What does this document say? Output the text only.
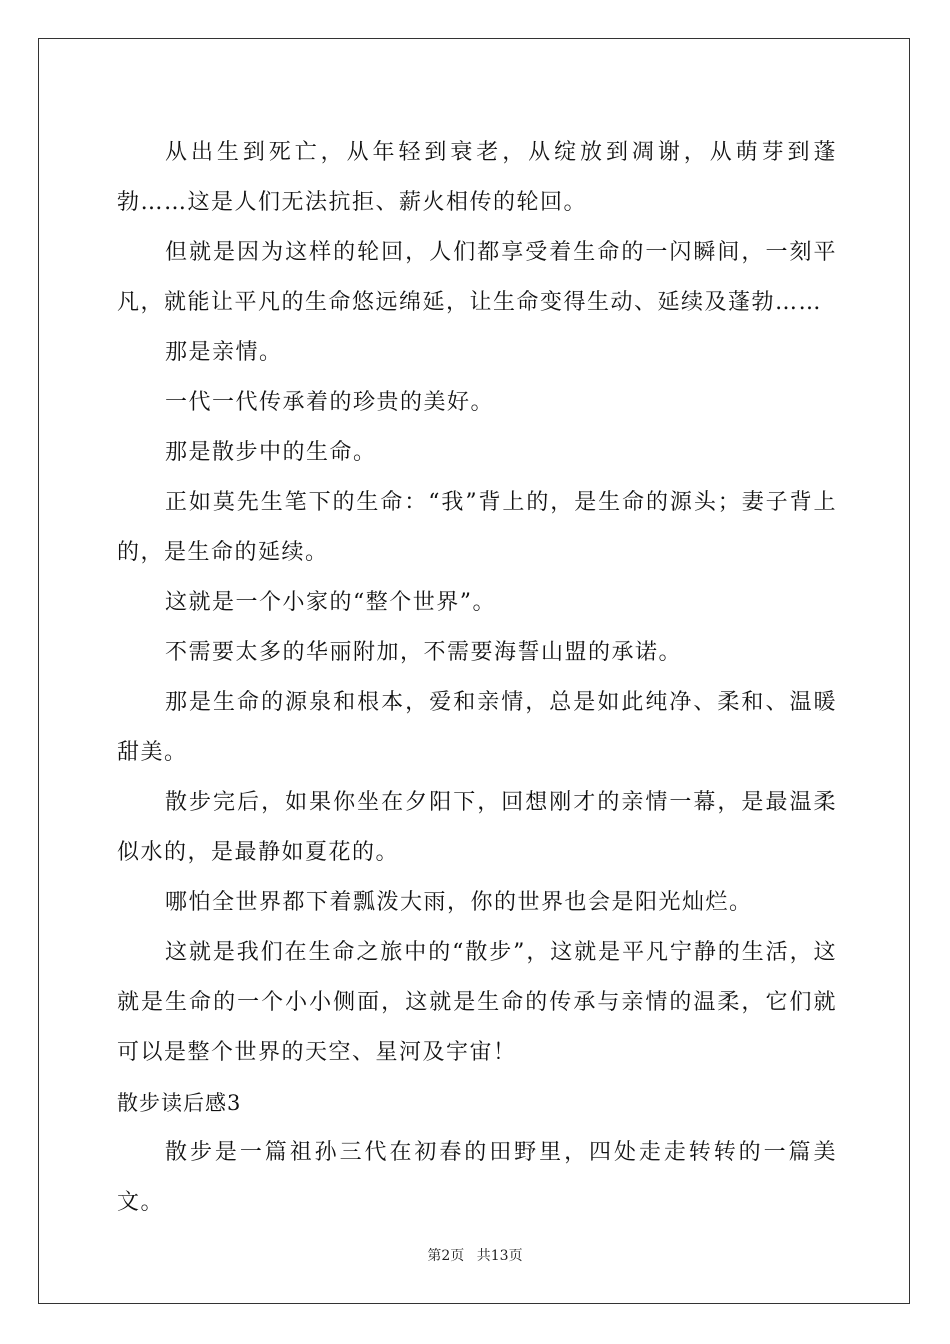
从出生到死亡，从年轻到衰老，从绽放到凋谢，从萌芽到蓬勃……这是人们无法抗拒、薪火相传的轮回。

但就是因为这样的轮回，人们都享受着生命的一闪瞬间，一刻平凡，就能让平凡的生命悠远绵延，让生命变得生动、延续及蓬勃……

那是亲情。

一代一代传承着的珍贵的美好。

那是散步中的生命。

正如莫先生笔下的生命：“我”背上的，是生命的源头；妻子背上的，是生命的延续。

这就是一个小家的“整个世界”。

不需要太多的华丽附加，不需要海誓山盟的承诺。

那是生命的源泉和根本，爱和亲情，总是如此纯净、柔和、温暖甜美。

散步完后，如果你坐在夕阳下，回想刚才的亲情一幕，是最温柔似水的，是最静如夏花的。

哪怕全世界都下着瓢泼大雨，你的世界也会是阳光灿烂。

这就是我们在生命之旅中的“散步”，这就是平凡宁静的生活，这就是生命的一个小小侧面，这就是生命的传承与亲情的温柔，它们就可以是整个世界的天空、星河及宇宙！

散步读后感3

散步是一篇祖孙三代在初春的田野里，四处走走转转的一篇美文。

第2页 共13页
